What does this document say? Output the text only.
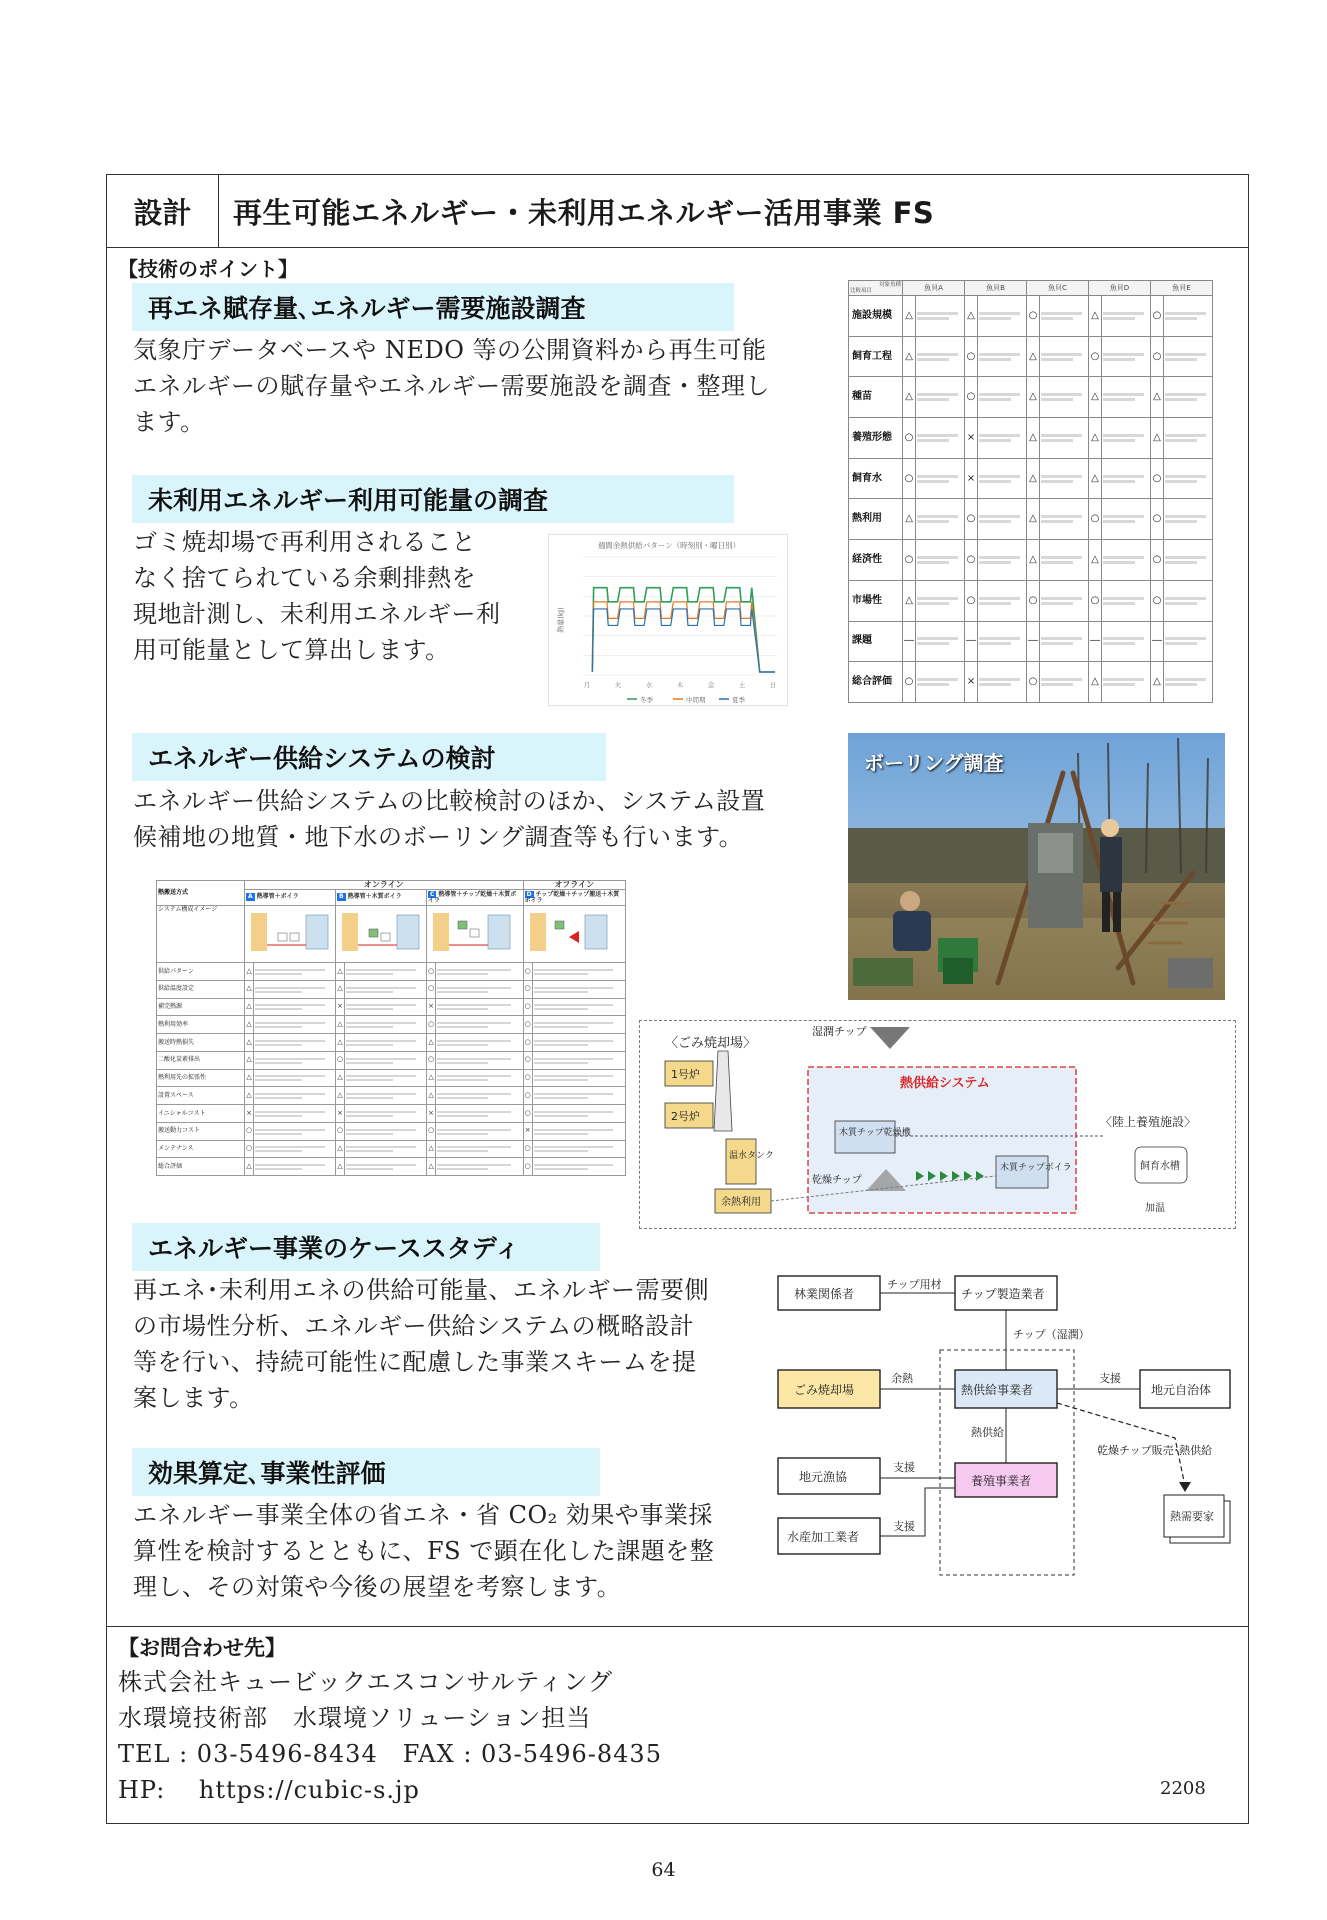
設計	再生可能エネルギー・未利用エネルギー活用事業 FS
【技術のポイント】
再エネ賦存量､エネルギー需要施設調査
気象庁データベースや NEDO 等の公開資料から再生可能
エネルギーの賦存量やエネルギー需要施設を調査・整理し
ます。
未利用エネルギー利用可能量の調査
ゴミ焼却場で再利用されること
なく捨てられている余剰排熱を
現地計測し、未利用エネルギー利
用可能量として算出します。
週間余熱供給パターン（時刻別・曜日別）
熱量(kJ)
月	火	水	木	金	土	日
冬季	中間期	夏季
対象魚種
比較項目	魚貝A		魚貝B		魚貝C		魚貝D		魚貝E	
施設規模	△		△		○		△		○	

飼育工程	△		○		△		○		○	

種苗	△		○		△		△		△	

養殖形態	○		×		△		△		△	

飼育水	○		×		△		△		○	

熱利用	△		○		△		○		○	

経済性	○		○		△		△		○	

市場性	△		○		○		○		○	

課題	―		―		―		―		―	

総合評価	○		×		○		△		△	
エネルギー供給システムの検討
エネルギー供給システムの比較検討のほか、システム設置
候補地の地質・地下水のボーリング調査等も行います。
ボーリング調査
熱搬送方式	オンライン						オフライン	
	A 熱導管＋ボイラ		B 熱導管＋木質ボイラ		C 熱導管＋チップ乾燥＋木質ボイラ		D チップ乾燥＋チップ搬送＋木質ボイラ	
システム構成イメージ				
供給パターン	△		△		○		○	

供給温度設定	△		△		○		○	

補完熱源	△		×		×		○	

熱利用効率	△		△		○		○	

搬送時熱損失	△		△		△		○	

二酸化炭素排出	△		○		○		○	

熱利用先の拡張性	△		△		△		○	

設置スペース	△		△		△		○	

イニシャルコスト	×		×		×		○	

搬送動力コスト	○		○		○		×	

メンテナンス	○		△		△		○	

総合評価	△		△		△		○	
〈ごみ焼却場〉
1号炉
2号炉
温水タンク
余熱利用
湿潤チップ
熱供給システム
木質チップ乾燥機
乾燥チップ
木質チップボイラ
〈陸上養殖施設〉
飼育水槽
加温
エネルギー事業のケーススタディ
再エネ･未利用エネの供給可能量、エネルギー需要側
の市場性分析、エネルギー供給システムの概略設計
等を行い、持続可能性に配慮した事業スキームを提
案します。
効果算定､事業性評価
エネルギー事業全体の省エネ・省 CO₂ 効果や事業採
算性を検討するとともに、FS で顕在化した課題を整
理し、その対策や今後の展望を考察します。
林業関係者
チップ用材
チップ製造業者
チップ（湿潤）
ごみ焼却場
余熱
熱供給事業者
支援
地元自治体
熱供給
地元漁協
支援
養殖事業者
乾燥チップ販売･熱供給
熱需要家
水産加工業者
支援
【お問合わせ先】
株式会社キュービックエスコンサルティング
水環境技術部　水環境ソリューション担当
TEL : 03-5496-8434　FAX : 03-5496-8435
HP:　 https://cubic-s.jp	2208
64
